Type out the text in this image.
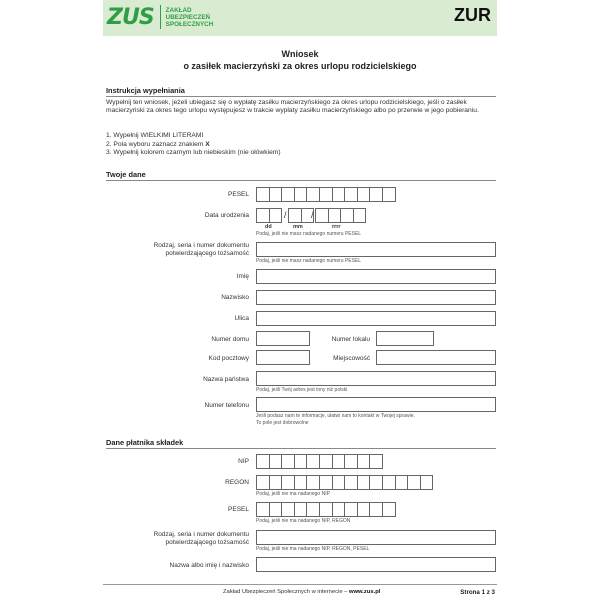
ZUS ZAKŁAD
UBEZPIECZEŃ
SPOŁECZNYCH	ZUR
Wniosek
o zasiłek macierzyński za okres urlopu rodzicielskiego
Instrukcja wypełniania
Wypełnij ten wniosek, jeżeli ubiegasz się o wypłatę zasiłku macierzyńskiego za okres urlopu rodzicielskiego, jeśli o zasiłek macierzyński za okres tego urlopu występujesz w trakcie wypłaty zasiłku macierzyńskiego albo po przerwie w jego pobieraniu.
1. Wypełnij WIELKIMI LITERAMI
2. Pola wyboru zaznacz znakiem X
3. Wypełnij kolorem czarnym lub niebieskim (nie ołówkiem)
Twoje dane
PESEL
Data urodzenia	/	/
dd	mm	rrrr
Podaj, jeśli nie masz nadanego numeru PESEL
Rodzaj, seria i numer dokumentu
potwierdzającego tożsamość
Podaj, jeśli nie masz nadanego numeru PESEL
Imię
Nazwisko
Ulica
Numer domu	Numer lokalu
Kod pocztowy	Miejscowość
Nazwa państwa
Podaj, jeśli Twój adres jest inny niż polski
Numer telefonu
Jeśli podasz nam te informacje, ułatwi nam to kontakt w Twojej sprawie.
To pole jest dobrowolne
Dane płatnika składek
NIP
REGON
Podaj, jeśli nie ma nadanego NIP
PESEL
Podaj, jeśli nie ma nadanego NIP, REGON
Rodzaj, seria i numer dokumentu
potwierdzającego tożsamość
Podaj, jeśli nie ma nadanego NIP, REGON, PESEL
Nazwa albo imię i nazwisko
Zakład Ubezpieczeń Społecznych w internecie – www.zus.pl	Strona 1 z 3
